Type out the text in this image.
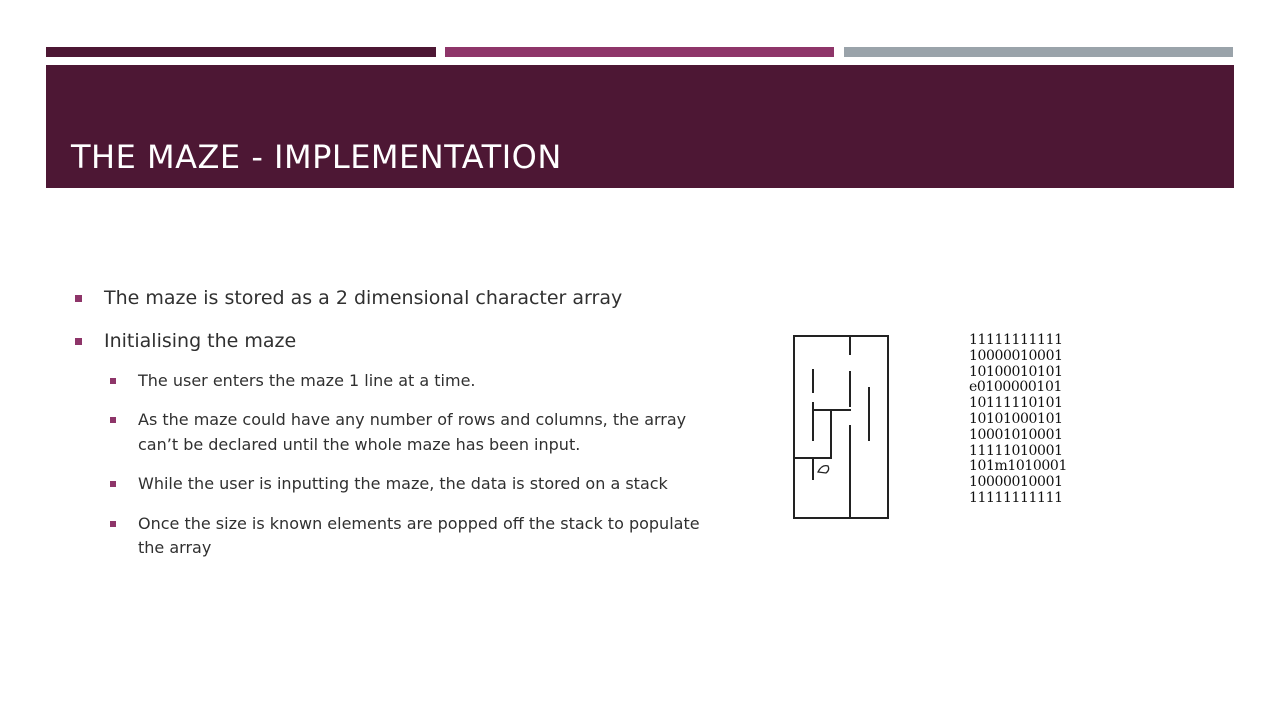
THE MAZE - IMPLEMENTATION
The maze is stored as a 2 dimensional character array
Initialising the maze
The user enters the maze 1 line at a time.
As the maze could have any number of rows and columns, the array
can’t be declared until the whole maze has been input.
While the user is inputting the maze, the data is stored on a stack
Once the size is known elements are popped off the stack to populate
the array
11111111111
10000010001
10100010101
e0100000101
10111110101
10101000101
10001010001
11111010001
101m1010001
10000010001
11111111111
